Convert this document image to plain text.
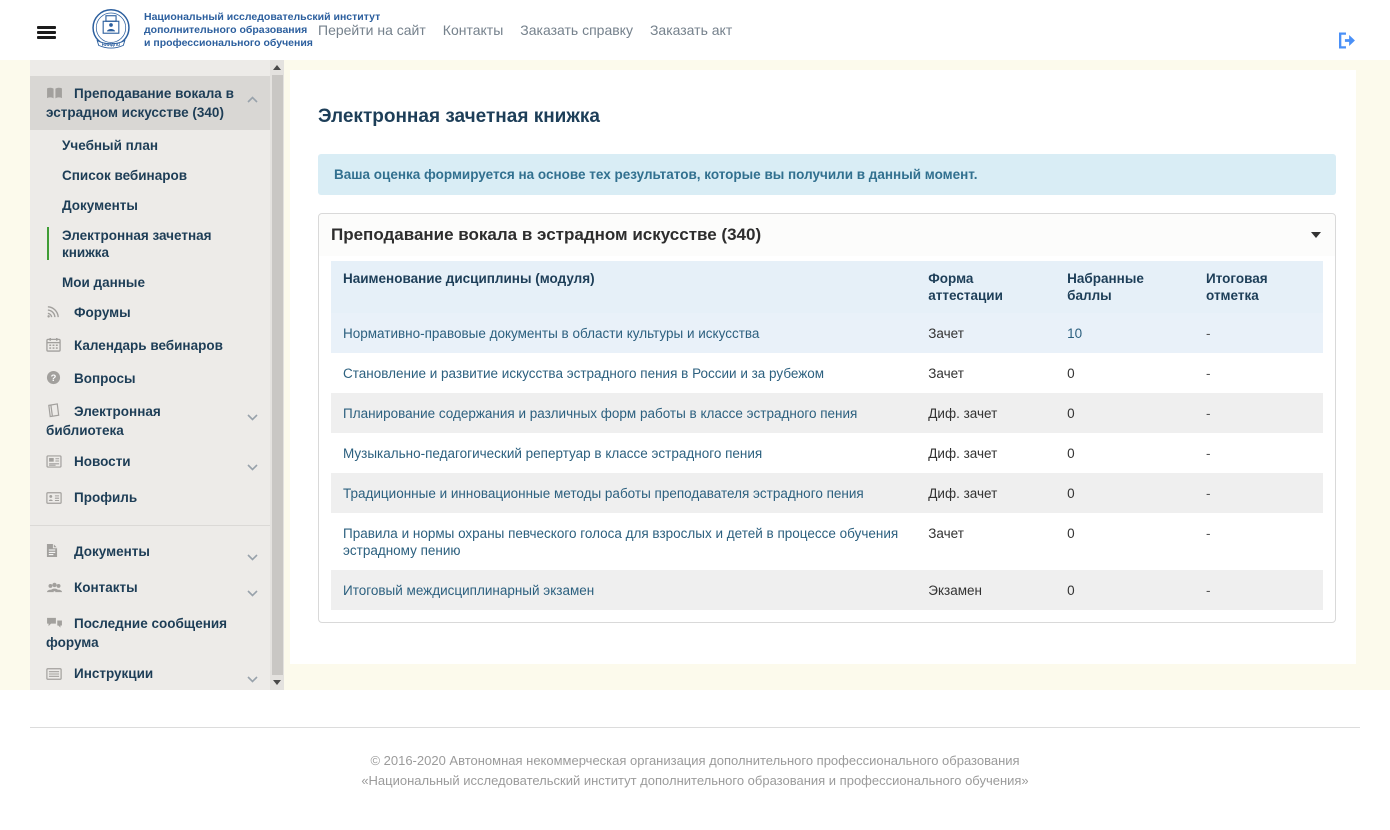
НИИДПО
Национальный исследовательский институт
дополнительного образования
и профессионального обучения
Перейти на сайт Контакты Заказать справку Заказать акт
Преподавание вокала в эстрадном искусстве (340)
Учебный план
Список вебинаров
Документы
Электронная зачетная книжка
Мои данные
Форумы
Календарь вебинаров
? Вопросы
Электронная библиотека
Новости
Профиль
Документы
Контакты
Последние сообщения форума
Инструкции
Электронная зачетная книжка
Ваша оценка формируется на основе тех результатов, которые вы получили в данный момент.
Преподавание вокала в эстрадном искусстве (340)
Наименование дисциплины (модуля)	Форма аттестации	Набранные баллы	Итоговая отметка
Нормативно-правовые документы в области культуры и искусства	Зачет	10	-
Становление и развитие искусства эстрадного пения в России и за рубежом	Зачет	0	-
Планирование содержания и различных форм работы в классе эстрадного пения	Диф. зачет	0	-
Музыкально-педагогический репертуар в классе эстрадного пения	Диф. зачет	0	-
Традиционные и инновационные методы работы преподавателя эстрадного пения	Диф. зачет	0	-
Правила и нормы охраны певческого голоса для взрослых и детей в процессе обучения эстрадному пению	Зачет	0	-
Итоговый междисциплинарный экзамен	Экзамен	0	-
© 2016-2020 Автономная некоммерческая организация дополнительного профессионального образования
«Национальный исследовательский институт дополнительного образования и профессионального обучения»
